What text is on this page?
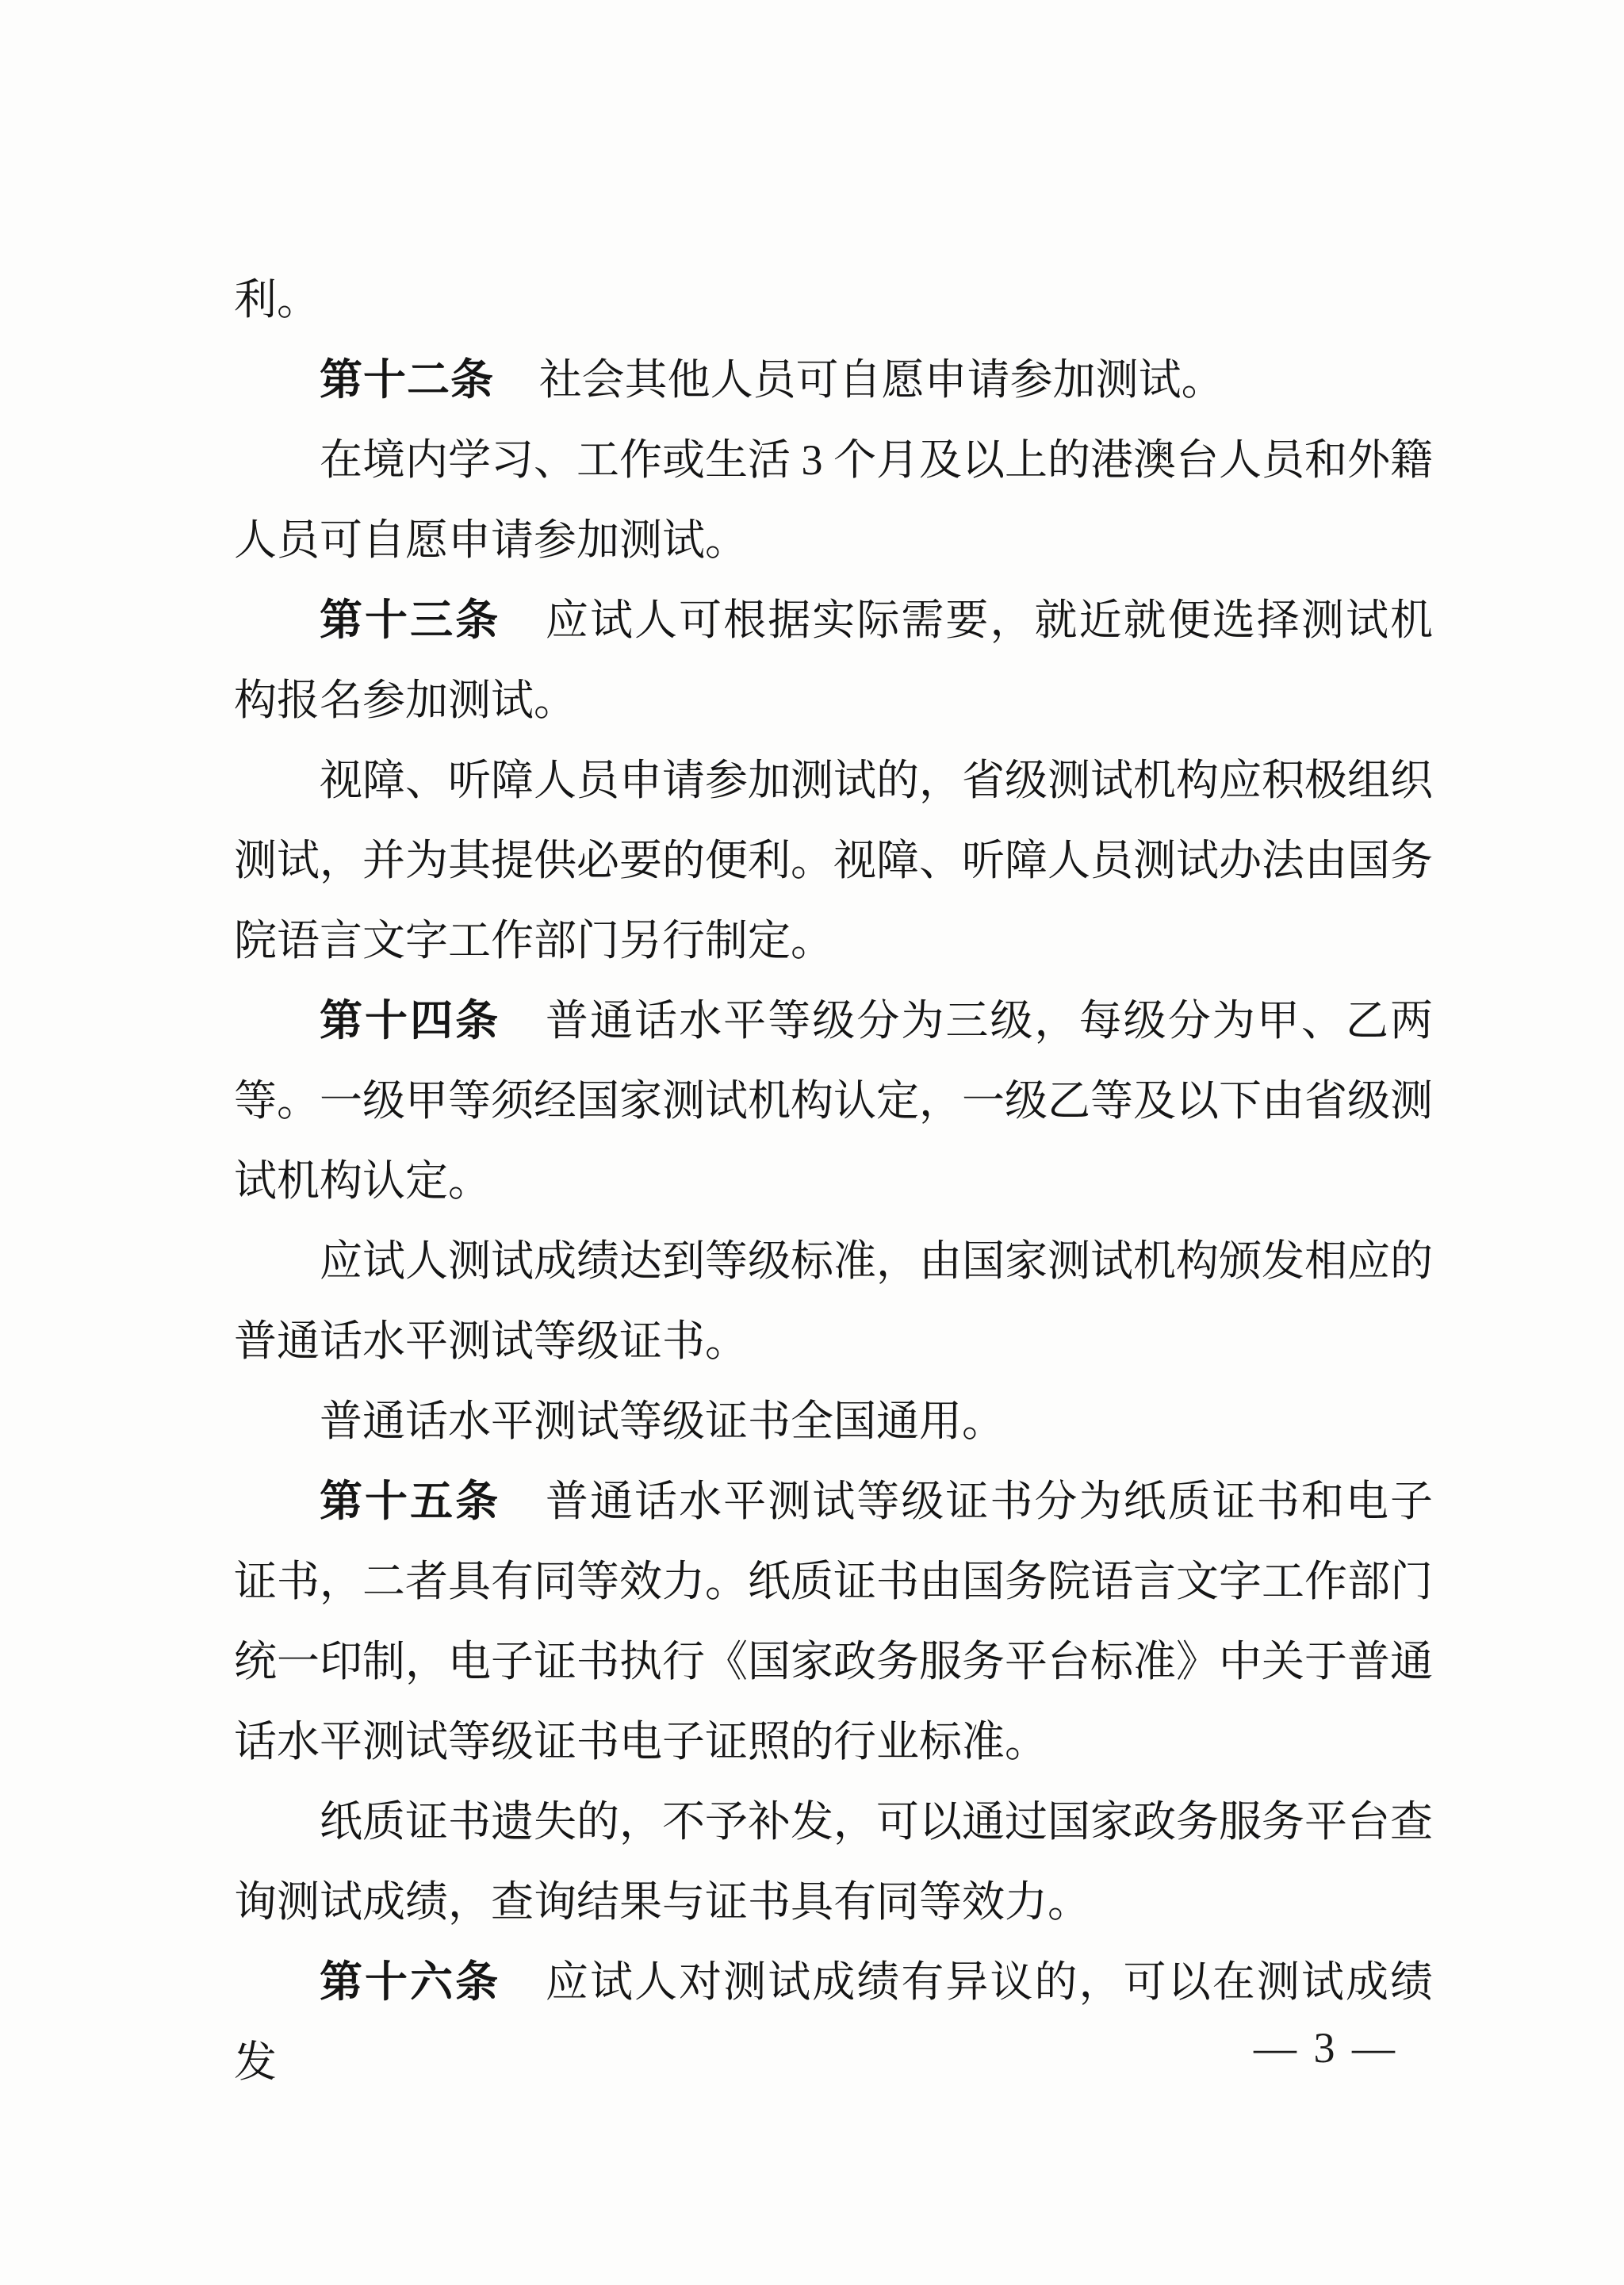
利。

第十二条 社会其他人员可自愿申请参加测试。

在境内学习、工作或生活 3 个月及以上的港澳台人员和外籍人员可自愿申请参加测试。

第十三条 应试人可根据实际需要，就近就便选择测试机构报名参加测试。

视障、听障人员申请参加测试的，省级测试机构应积极组织测试，并为其提供必要的便利。视障、听障人员测试办法由国务院语言文字工作部门另行制定。

第十四条 普通话水平等级分为三级，每级分为甲、乙两等。一级甲等须经国家测试机构认定，一级乙等及以下由省级测试机构认定。

应试人测试成绩达到等级标准，由国家测试机构颁发相应的普通话水平测试等级证书。

普通话水平测试等级证书全国通用。

第十五条 普通话水平测试等级证书分为纸质证书和电子证书，二者具有同等效力。纸质证书由国务院语言文字工作部门统一印制，电子证书执行《国家政务服务平台标准》中关于普通话水平测试等级证书电子证照的行业标准。

纸质证书遗失的，不予补发，可以通过国家政务服务平台查询测试成绩，查询结果与证书具有同等效力。

第十六条 应试人对测试成绩有异议的，可以在测试成绩发	— 3 —
